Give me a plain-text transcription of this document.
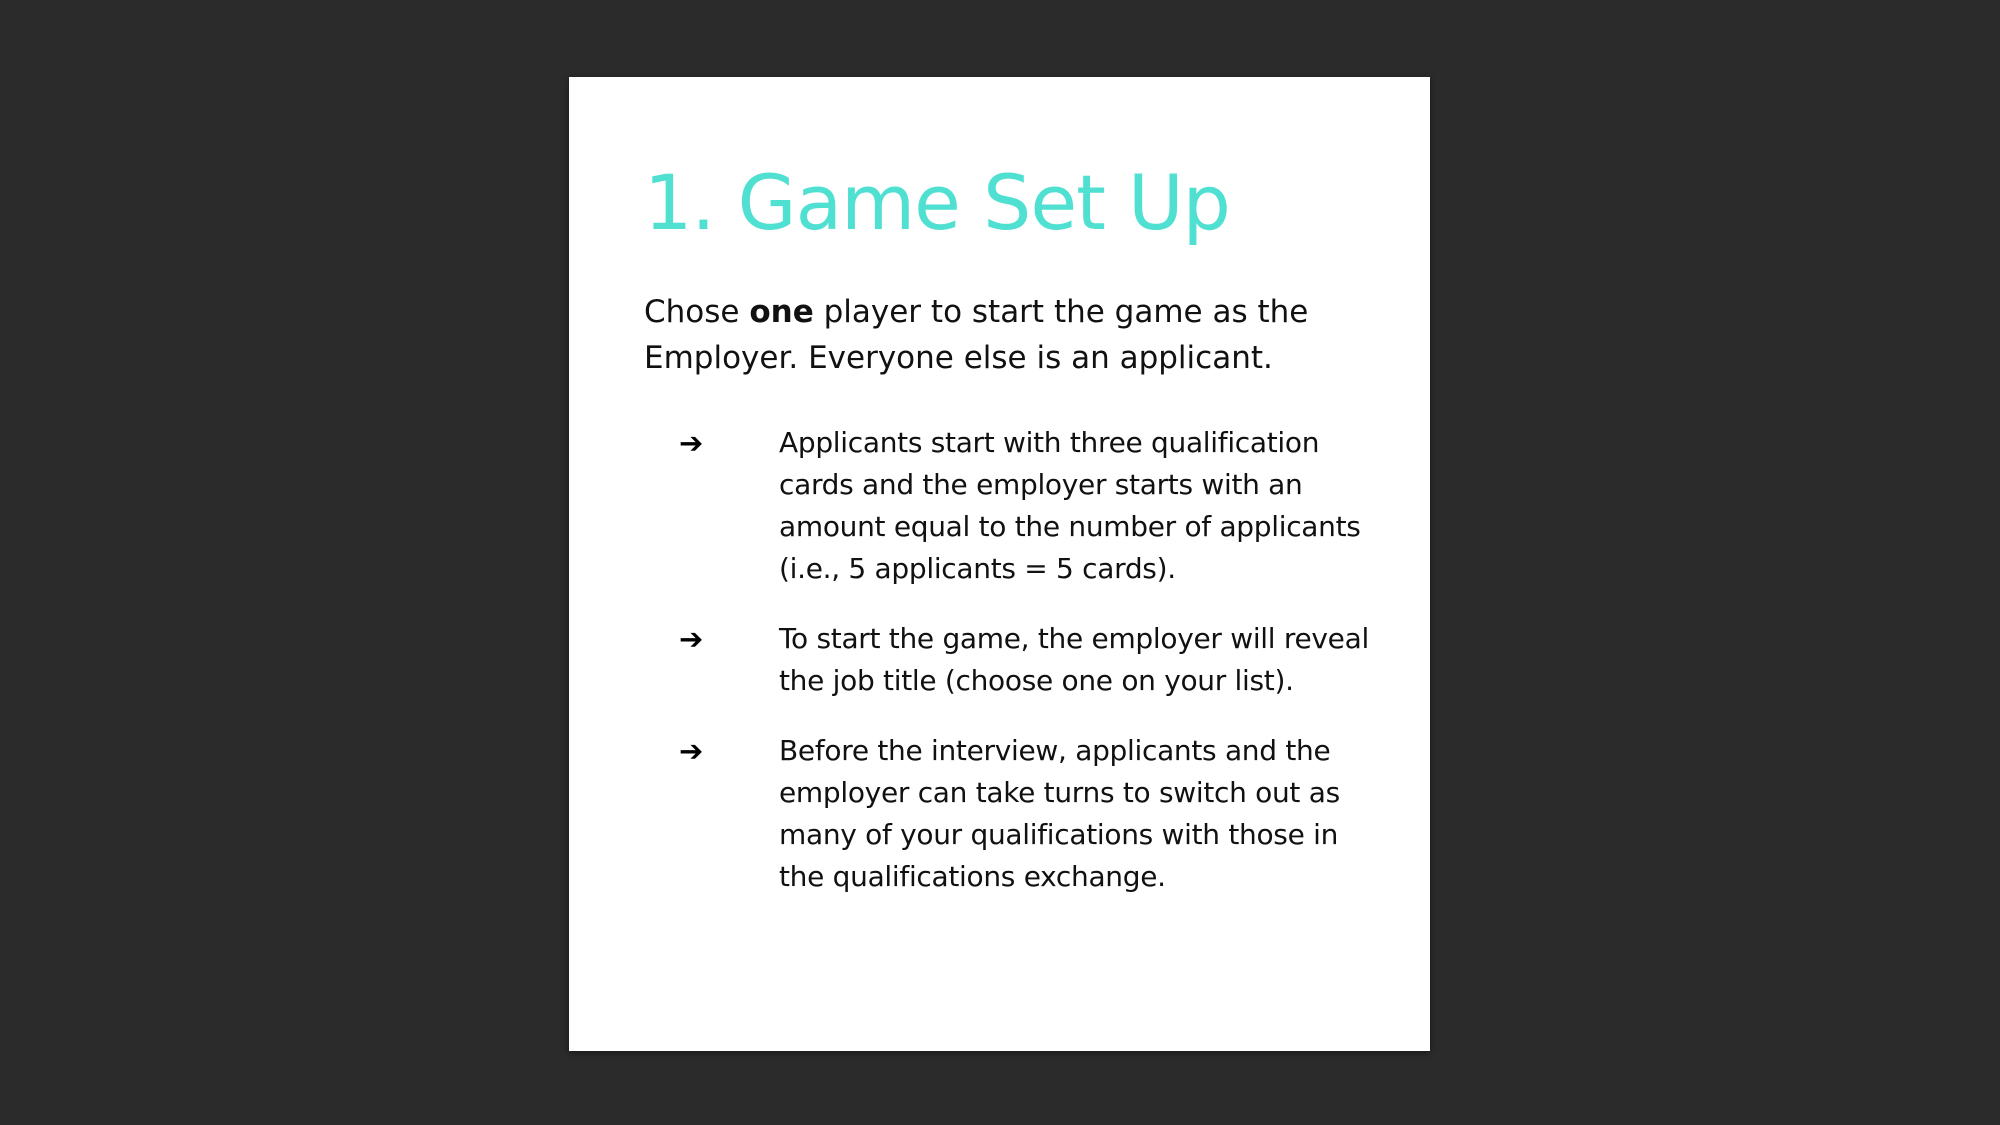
1. Game Set Up

Chose one player to start the game as the Employer. Everyone else is an applicant.

➔	Applicants start with three qualification cards and the employer starts with an amount equal to the number of applicants (i.e., 5 applicants = 5 cards).
➔	To start the game, the employer will reveal the job title (choose one on your list).
➔	Before the interview, applicants and the employer can take turns to switch out as many of your qualifications with those in the qualifications exchange.
